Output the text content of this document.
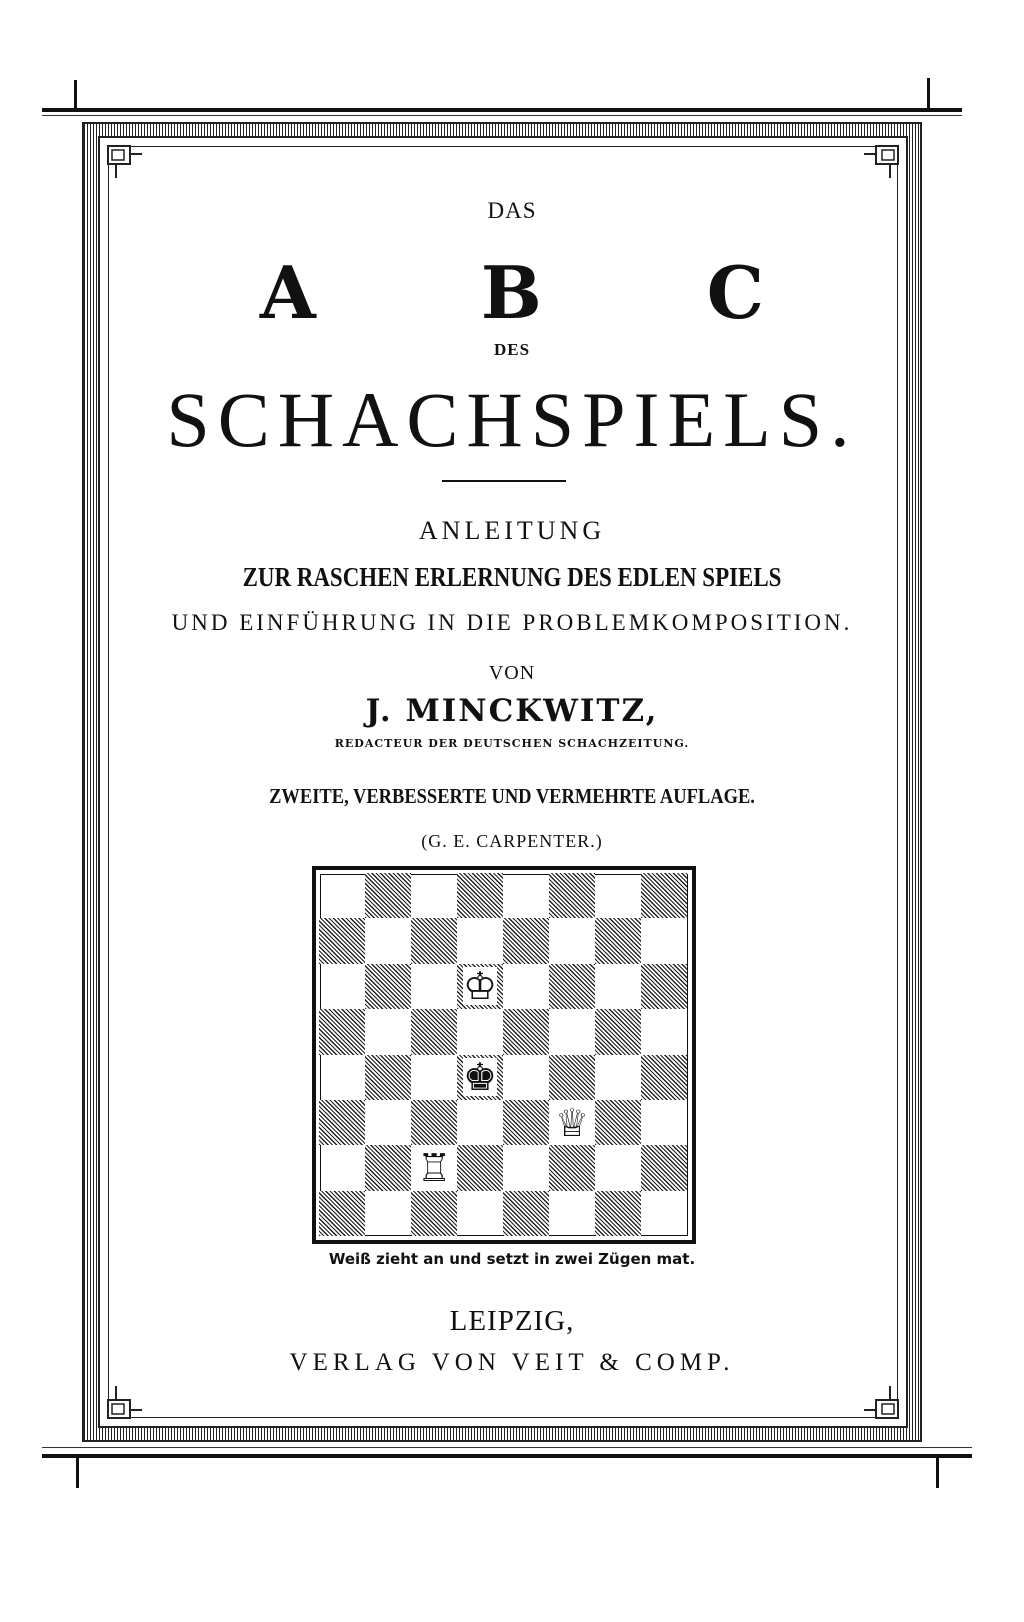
DAS
A B C
DES
SCHACHSPIELS.
ANLEITUNG
ZUR RASCHEN ERLERNUNG DES EDLEN SPIELS
UND EINFÜHRUNG IN DIE PROBLEMKOMPOSITION.
VON
J. MINCKWITZ,
REDACTEUR DER DEUTSCHEN SCHACHZEITUNG.
ZWEITE, VERBESSERTE UND VERMEHRTE AUFLAGE.
(G. E. CARPENTER.)
♔
♚
♕
♖
Weiß zieht an und setzt in zwei Zügen mat.
LEIPZIG,
VERLAG VON VEIT & COMP.
